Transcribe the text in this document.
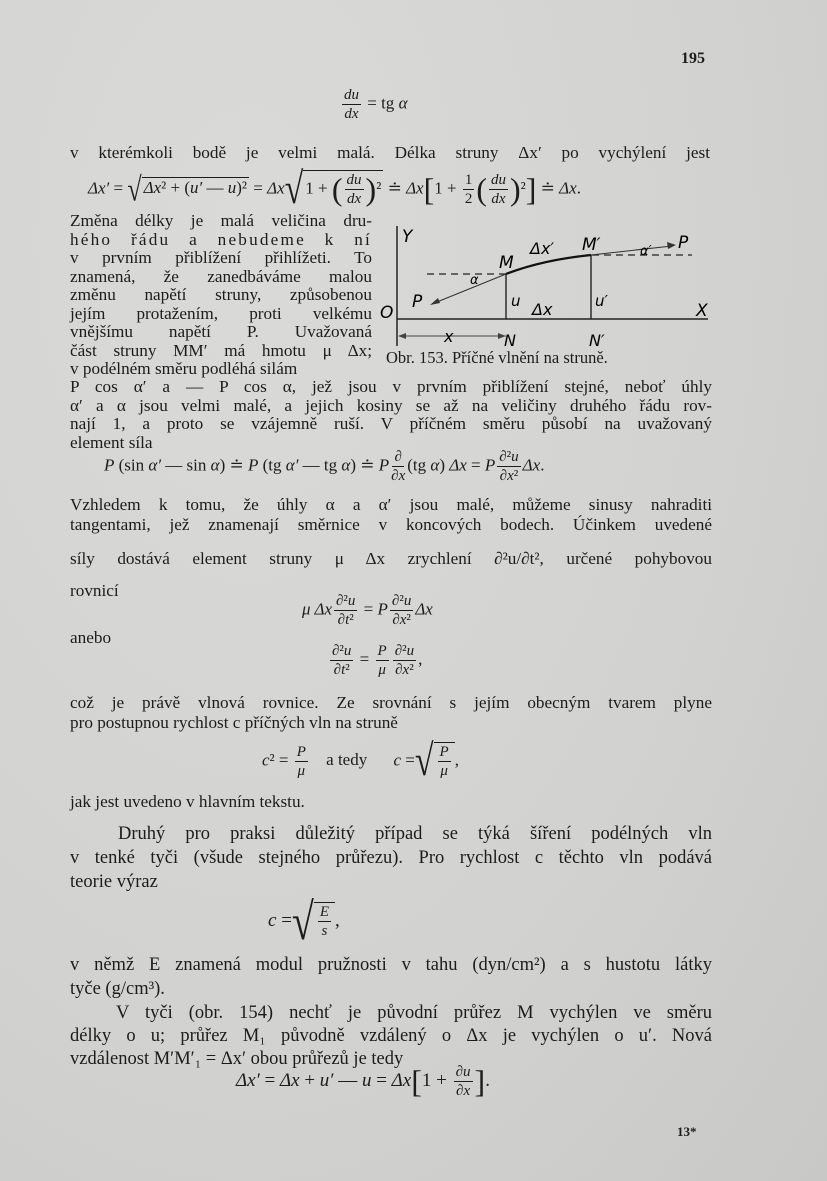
195
$\frac{du}{dx}$ = tg α
v kterémkoli bodě je velmi malá. Délka struny Δx′ po vychýlení jest
Δx′ = √ Δx² + (u′ — u)² = Δx√ 1 + ( $\frac{du}{dx} )^2$ ≐ $\Delta x[1 + \frac{1}{2}$ ( $\frac{du}{dx} )^2$] ≐ Δx.
Změna délky je malá veličina dru-
hého řádu a nebudeme k ní
v prvním přiblížení přihlížeti. To
znamená, že zanedbáváme malou
změnu napětí struny, způsobenou
jejím protažením, proti velkému
vnějšímu napětí P. Uvažovaná
část struny MM′ má hmotu μ Δx;
v podélném směru podléhá silám
Y
O	X
M
M′
Δx′
α
α′
P
P
u	u′
Δx
x	N	N′
Obr. 153. Příčné vlnění na struně.
P cos α′ a — P cos α, jež jsou v prvním přiblížení stejné, neboť úhly
α′ a α jsou velmi malé, a jejich kosiny se až na veličiny druhého řádu rov-
nají 1, a proto se vzájemně ruší. V příčném směru působí na uvažovaný
element síla
P (sin α′ — sin α) ≐ P (tg α′ — tg α) ≐ P $\frac{\partial}{\partial x} (tg$ α) Δx = P $\frac{\text{∂²u}}{\text{∂x²}} \Delta x$.
Vzhledem k tomu, že úhly α a α′ jsou malé, můžeme sinusy nahraditi
tangentami, jež znamenají směrnice v koncových bodech. Účinkem uvedené
síly dostává element struny μ Δx zrychlení ∂²u/∂t², určené pohybovou
rovnicí
μ Δx $\frac{\text{∂²u}}{\text{∂t²}} = P \frac{\text{∂²u}}{\text{∂x²}}$ Δx
anebo
$\frac{\text{∂²u}}{\text{∂t²}} = \frac{P}{\mu} \frac{\text{∂²u}}{\text{∂x²}}$ ,
což je právě vlnová rovnice. Ze srovnání s jejím obecným tvarem plyne
pro postupnou rychlost c příčných vln na struně
$c^2 = \frac{P}{\mu}$ a tedy c =√ $\frac{P}{\mu}$ ,
jak jest uvedeno v hlavním tekstu.
Druhý pro praksi důležitý případ se týká šíření podélných vln
v tenké tyči (všude stejného průřezu). Pro rychlost c těchto vln podává
teorie výraz
c =√ $\frac{E}{s}$ ,
v němž E znamená modul pružnosti v tahu (dyn/cm²) a s hustotu látky
tyče (g/cm³).
V tyči (obr. 154) nechť je původní průřez M vychýlen ve směru
délky o u; průřez M₁ původně vzdálený o Δx je vychýlen o u′. Nová
vzdálenost M′M′₁ = Δx′ obou průřezů je tedy
Δx′ = Δx + u′ — $u = \Delta x[1 + \frac{\partial u}{\partial x}$ ].
13*
